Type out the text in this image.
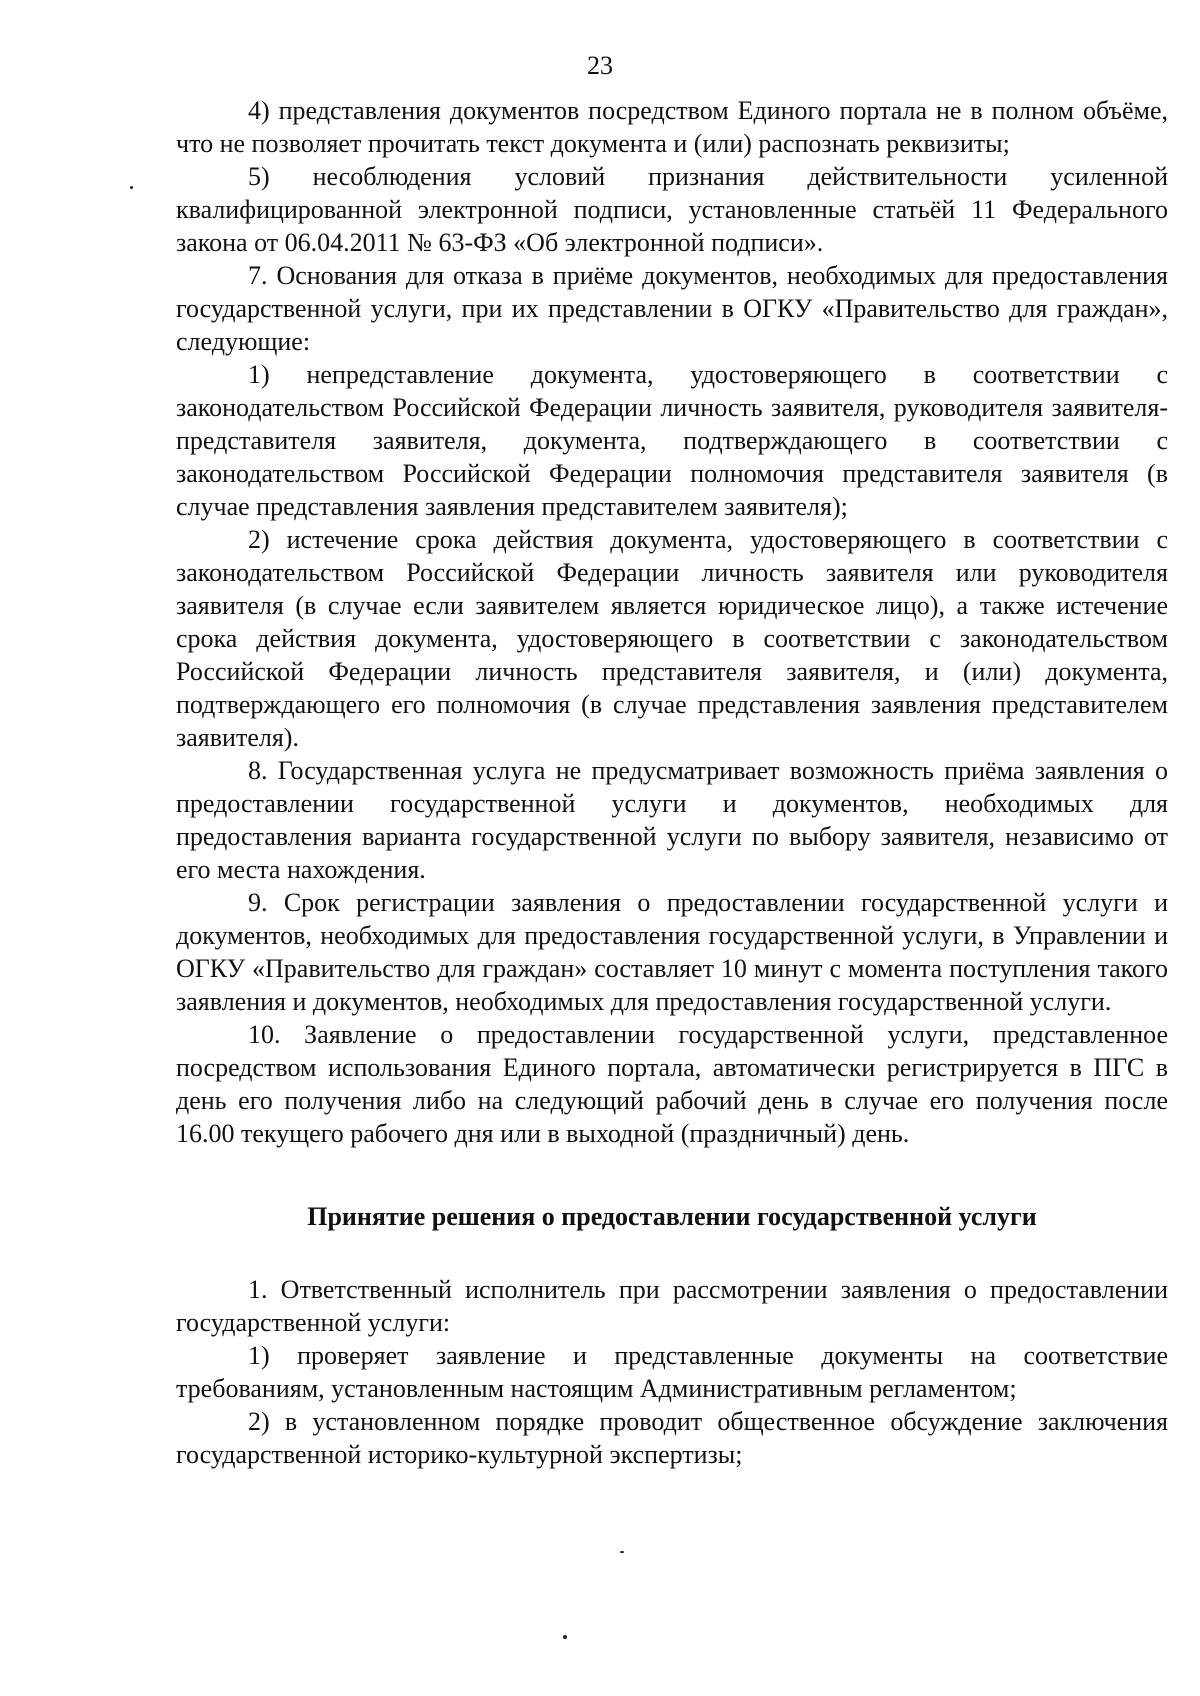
23

4) представления документов посредством Единого портала не в полном объёме, что не позволяет прочитать текст документа и (или) распознать реквизиты;

5) несоблюдения условий признания действительности усиленной квалифицированной электронной подписи, установленные статьёй 11 Федерального закона от 06.04.2011 № 63-ФЗ «Об электронной подписи».

7. Основания для отказа в приёме документов, необходимых для предоставления государственной услуги, при их представлении в ОГКУ «Правительство для граждан», следующие:

1) непредставление документа, удостоверяющего в соответствии с законодательством Российской Федерации личность заявителя, руководителя заявителя-представителя заявителя, документа, подтверждающего в соответствии с законодательством Российской Федерации полномочия представителя заявителя (в случае представления заявления представителем заявителя);

2) истечение срока действия документа, удостоверяющего в соответствии с законодательством Российской Федерации личность заявителя или руководителя заявителя (в случае если заявителем является юридическое лицо), а также истечение срока действия документа, удостоверяющего в соответствии с законодательством Российской Федерации личность представителя заявителя, и (или) документа, подтверждающего его полномочия (в случае представления заявления представителем заявителя).

8. Государственная услуга не предусматривает возможность приёма заявления о предоставлении государственной услуги и документов, необходимых для предоставления варианта государственной услуги по выбору заявителя, независимо от его места нахождения.

9. Срок регистрации заявления о предоставлении государственной услуги и документов, необходимых для предоставления государственной услуги, в Управлении и ОГКУ «Правительство для граждан» составляет 10 минут с момента поступления такого заявления и документов, необходимых для предоставления государственной услуги.

10. Заявление о предоставлении государственной услуги, представленное посредством использования Единого портала, автоматически регистрируется в ПГС в день его получения либо на следующий рабочий день в случае его получения после 16.00 текущего рабочего дня или в выходной (праздничный) день.

Принятие решения о предоставлении государственной услуги

1. Ответственный исполнитель при рассмотрении заявления о предоставлении государственной услуги:

1) проверяет заявление и представленные документы на соответствие требованиям, установленным настоящим Административным регламентом;

2) в установленном порядке проводит общественное обсуждение заключения государственной историко-культурной экспертизы;
